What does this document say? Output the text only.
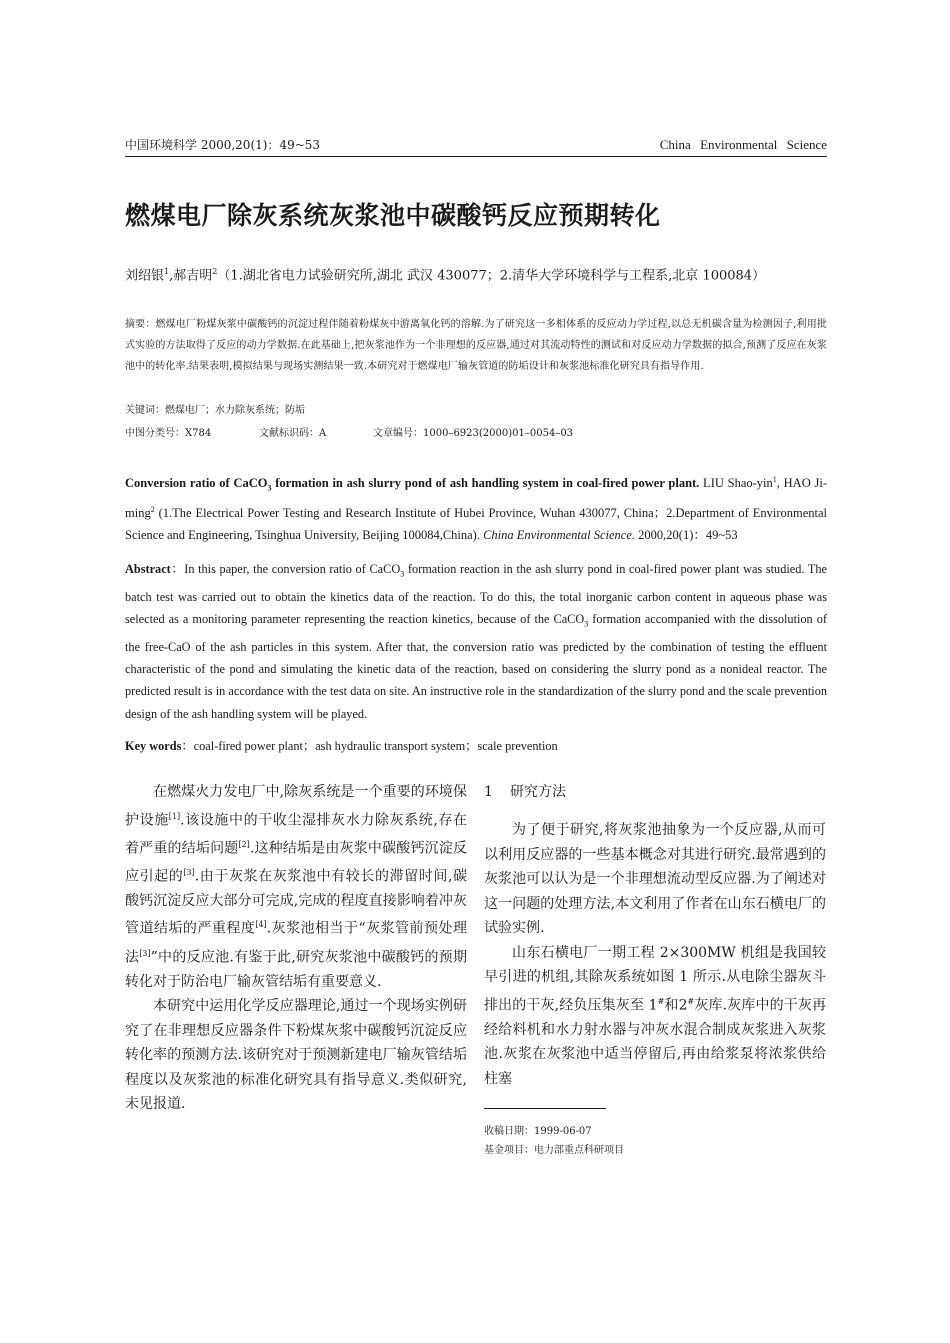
中国环境科学 2000,20(1)：49~53	China Environmental Science
燃煤电厂除灰系统灰浆池中碳酸钙反应预期转化
刘绍银$^1$,郝吉明$^2$（1.湖北省电力试验研究所,湖北 武汉 430077；2.清华大学环境科学与工程系,北京 100084）
摘要：燃煤电厂粉煤灰浆中碳酸钙的沉淀过程伴随着粉煤灰中游离氧化钙的溶解.为了研究这一多相体系的反应动力学过程,以总无机碳含量为检测因子,利用批式实验的方法取得了反应的动力学数据.在此基础上,把灰浆池作为一个非理想的反应器,通过对其流动特性的测试和对反应动力学数据的拟合,预测了反应在灰浆池中的转化率.结果表明,模拟结果与现场实测结果一致.本研究对于燃煤电厂输灰管道的防垢设计和灰浆池标准化研究具有指导作用.
关键词：燃煤电厂；水力除灰系统；防垢
中图分类号：X784	文献标识码：A	文章编号：1000–6923(2000)01–0054–03
Conversion ratio of CaCO$_3$ formation in ash slurry pond of ash handling system in coal-fired power plant. LIU Shao-yin$^1$, HAO Ji-ming$^2$ (1.The Electrical Power Testing and Research Institute of Hubei Province, Wuhan 430077, China；2.Department of Environmental Science and Engineering, Tsinghua University, Beijing 100084,China). China Environmental Science. 2000,20(1)：49~53
Abstract：In this paper, the conversion ratio of CaCO$_3$ formation reaction in the ash slurry pond in coal-fired power plant was studied. The batch test was carried out to obtain the kinetics data of the reaction. To do this, the total inorganic carbon content in aqueous phase was selected as a monitoring parameter representing the reaction kinetics, because of the CaCO$_3$ formation accompanied with the dissolution of the free-CaO of the ash particles in this system. After that, the conversion ratio was predicted by the combination of testing the effluent characteristic of the pond and simulating the kinetic data of the reaction, based on considering the slurry pond as a nonideal reactor. The predicted result is in accordance with the test data on site. An instructive role in the standardization of the slurry pond and the scale prevention design of the ash handling system will be played.
Key words：coal-fired power plant；ash hydraulic transport system；scale prevention

在燃煤火力发电厂中,除灰系统是一个重要的环境保护设施[1].该设施中的干收尘湿排灰水力除灰系统,存在着严重的结垢问题[2].这种结垢是由灰浆中碳酸钙沉淀反应引起的[3].由于灰浆在灰浆池中有较长的滞留时间,碳酸钙沉淀反应大部分可完成,完成的程度直接影响着冲灰管道结垢的严重程度[4].灰浆池相当于“灰浆管前预处理法[3]”中的反应池.有鉴于此,研究灰浆池中碳酸钙的预期转化对于防治电厂输灰管结垢有重要意义.

本研究中运用化学反应器理论,通过一个现场实例研究了在非理想反应器条件下粉煤灰浆中碳酸钙沉淀反应转化率的预测方法.该研究对于预测新建电厂输灰管结垢程度以及灰浆池的标准化研究具有指导意义.类似研究,未见报道.

1 研究方法

为了便于研究,将灰浆池抽象为一个反应器,从而可以利用反应器的一些基本概念对其进行研究.最常遇到的灰浆池可以认为是一个非理想流动型反应器.为了阐述对这一问题的处理方法,本文利用了作者在山东石横电厂的试验实例.

山东石横电厂一期工程 2×300MW 机组是我国较早引进的机组,其除灰系统如图 1 所示.从电除尘器灰斗排出的干灰,经负压集灰至 1#和2#灰库.灰库中的干灰再经给料机和水力射水器与冲灰水混合制成灰浆进入灰浆池.灰浆在灰浆池中适当停留后,再由给浆泵将浓浆供给柱塞

收稿日期：1999-06-07
基金项目：电力部重点科研项目
